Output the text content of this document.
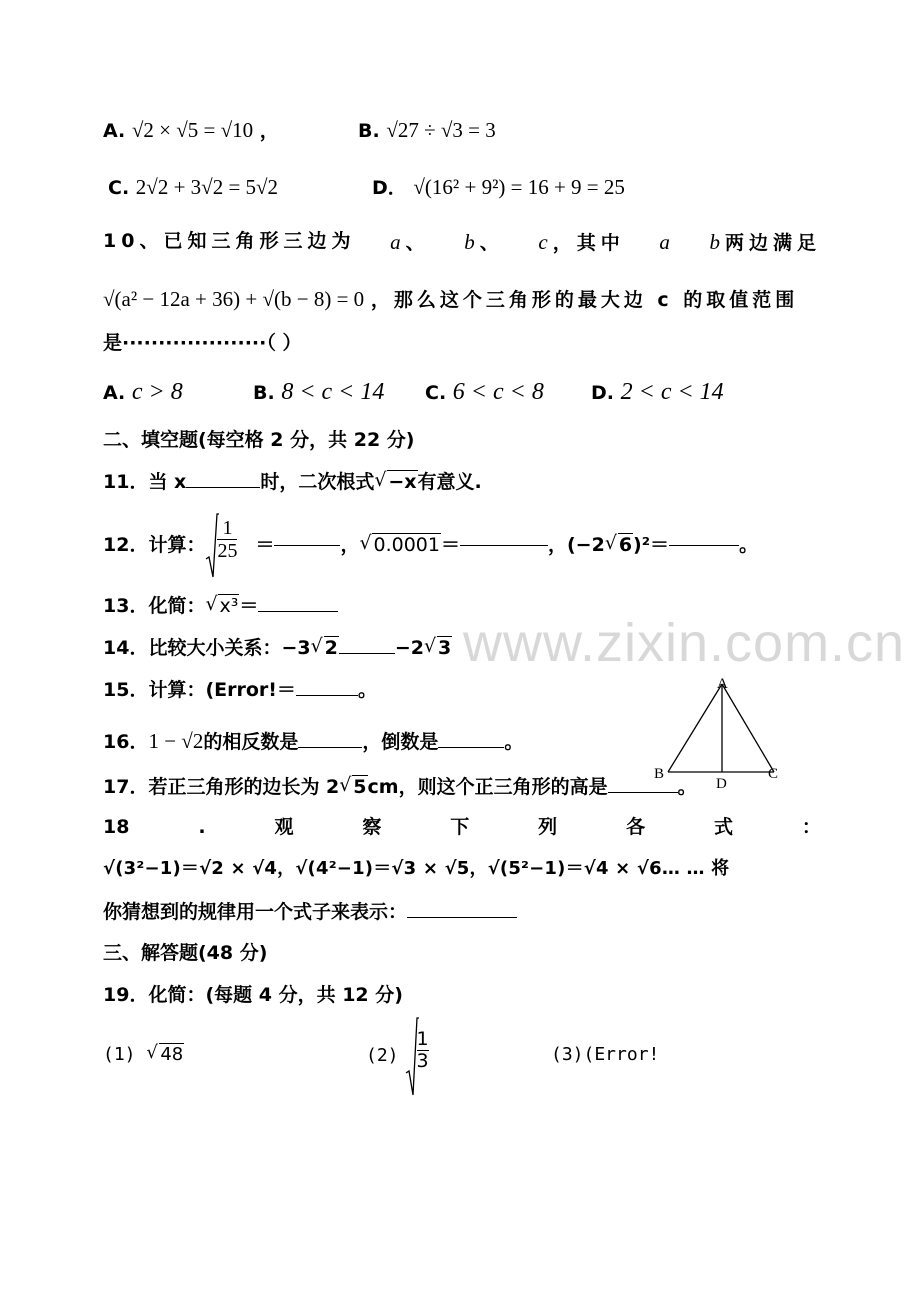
www.zixin.com.cn
A. √2 × √5 = √10 ，	B. √27 ÷ √3 = 3
C. 2√2 + 3√2 = 5√2	D． √(16² + 9²) = 16 + 9 = 25
10、已知三角形三边为 a、 b、 c，其中 a b两边满足
√(a² − 12a + 36) + √(b − 8) = 0 ，那么这个三角形的最大边 c 的取值范围
是····················（ ）
A. c > 8	B. 8 < c < 14 C. 6 < c < 8 D. 2 < c < 14
二、填空题(每空格 2 分，共 22 分)
11．当 x	时，二次根式 √ −x有意义.
12．计算： $\frac{1}{25}$ ＝	， √ 0.0001 ＝	，(−2 √ 6 )²＝	。
13．化简： √ x³＝
14．比较大小关系：−3 √ 2	−2 √ 3
15．计算：(Error!＝	。
16．1 − √2的相反数是	，倒数是	。
A
B	C
D
17．若正三角形的边长为 2 √ 5cm，则这个正三角形的高是	。
18	.	观	察	下	列	各	式	：
√(3²−1)＝√2 × √4，√(4²−1)＝√3 × √5，√(5²−1)＝√4 × √6… … 将
你猜想到的规律用一个式子来表示：
三、解答题(48 分)
19．化简：(每题 4 分，共 12 分)
(1) √ 48	$(2) \frac{1}{3}$	(3)(Error!
